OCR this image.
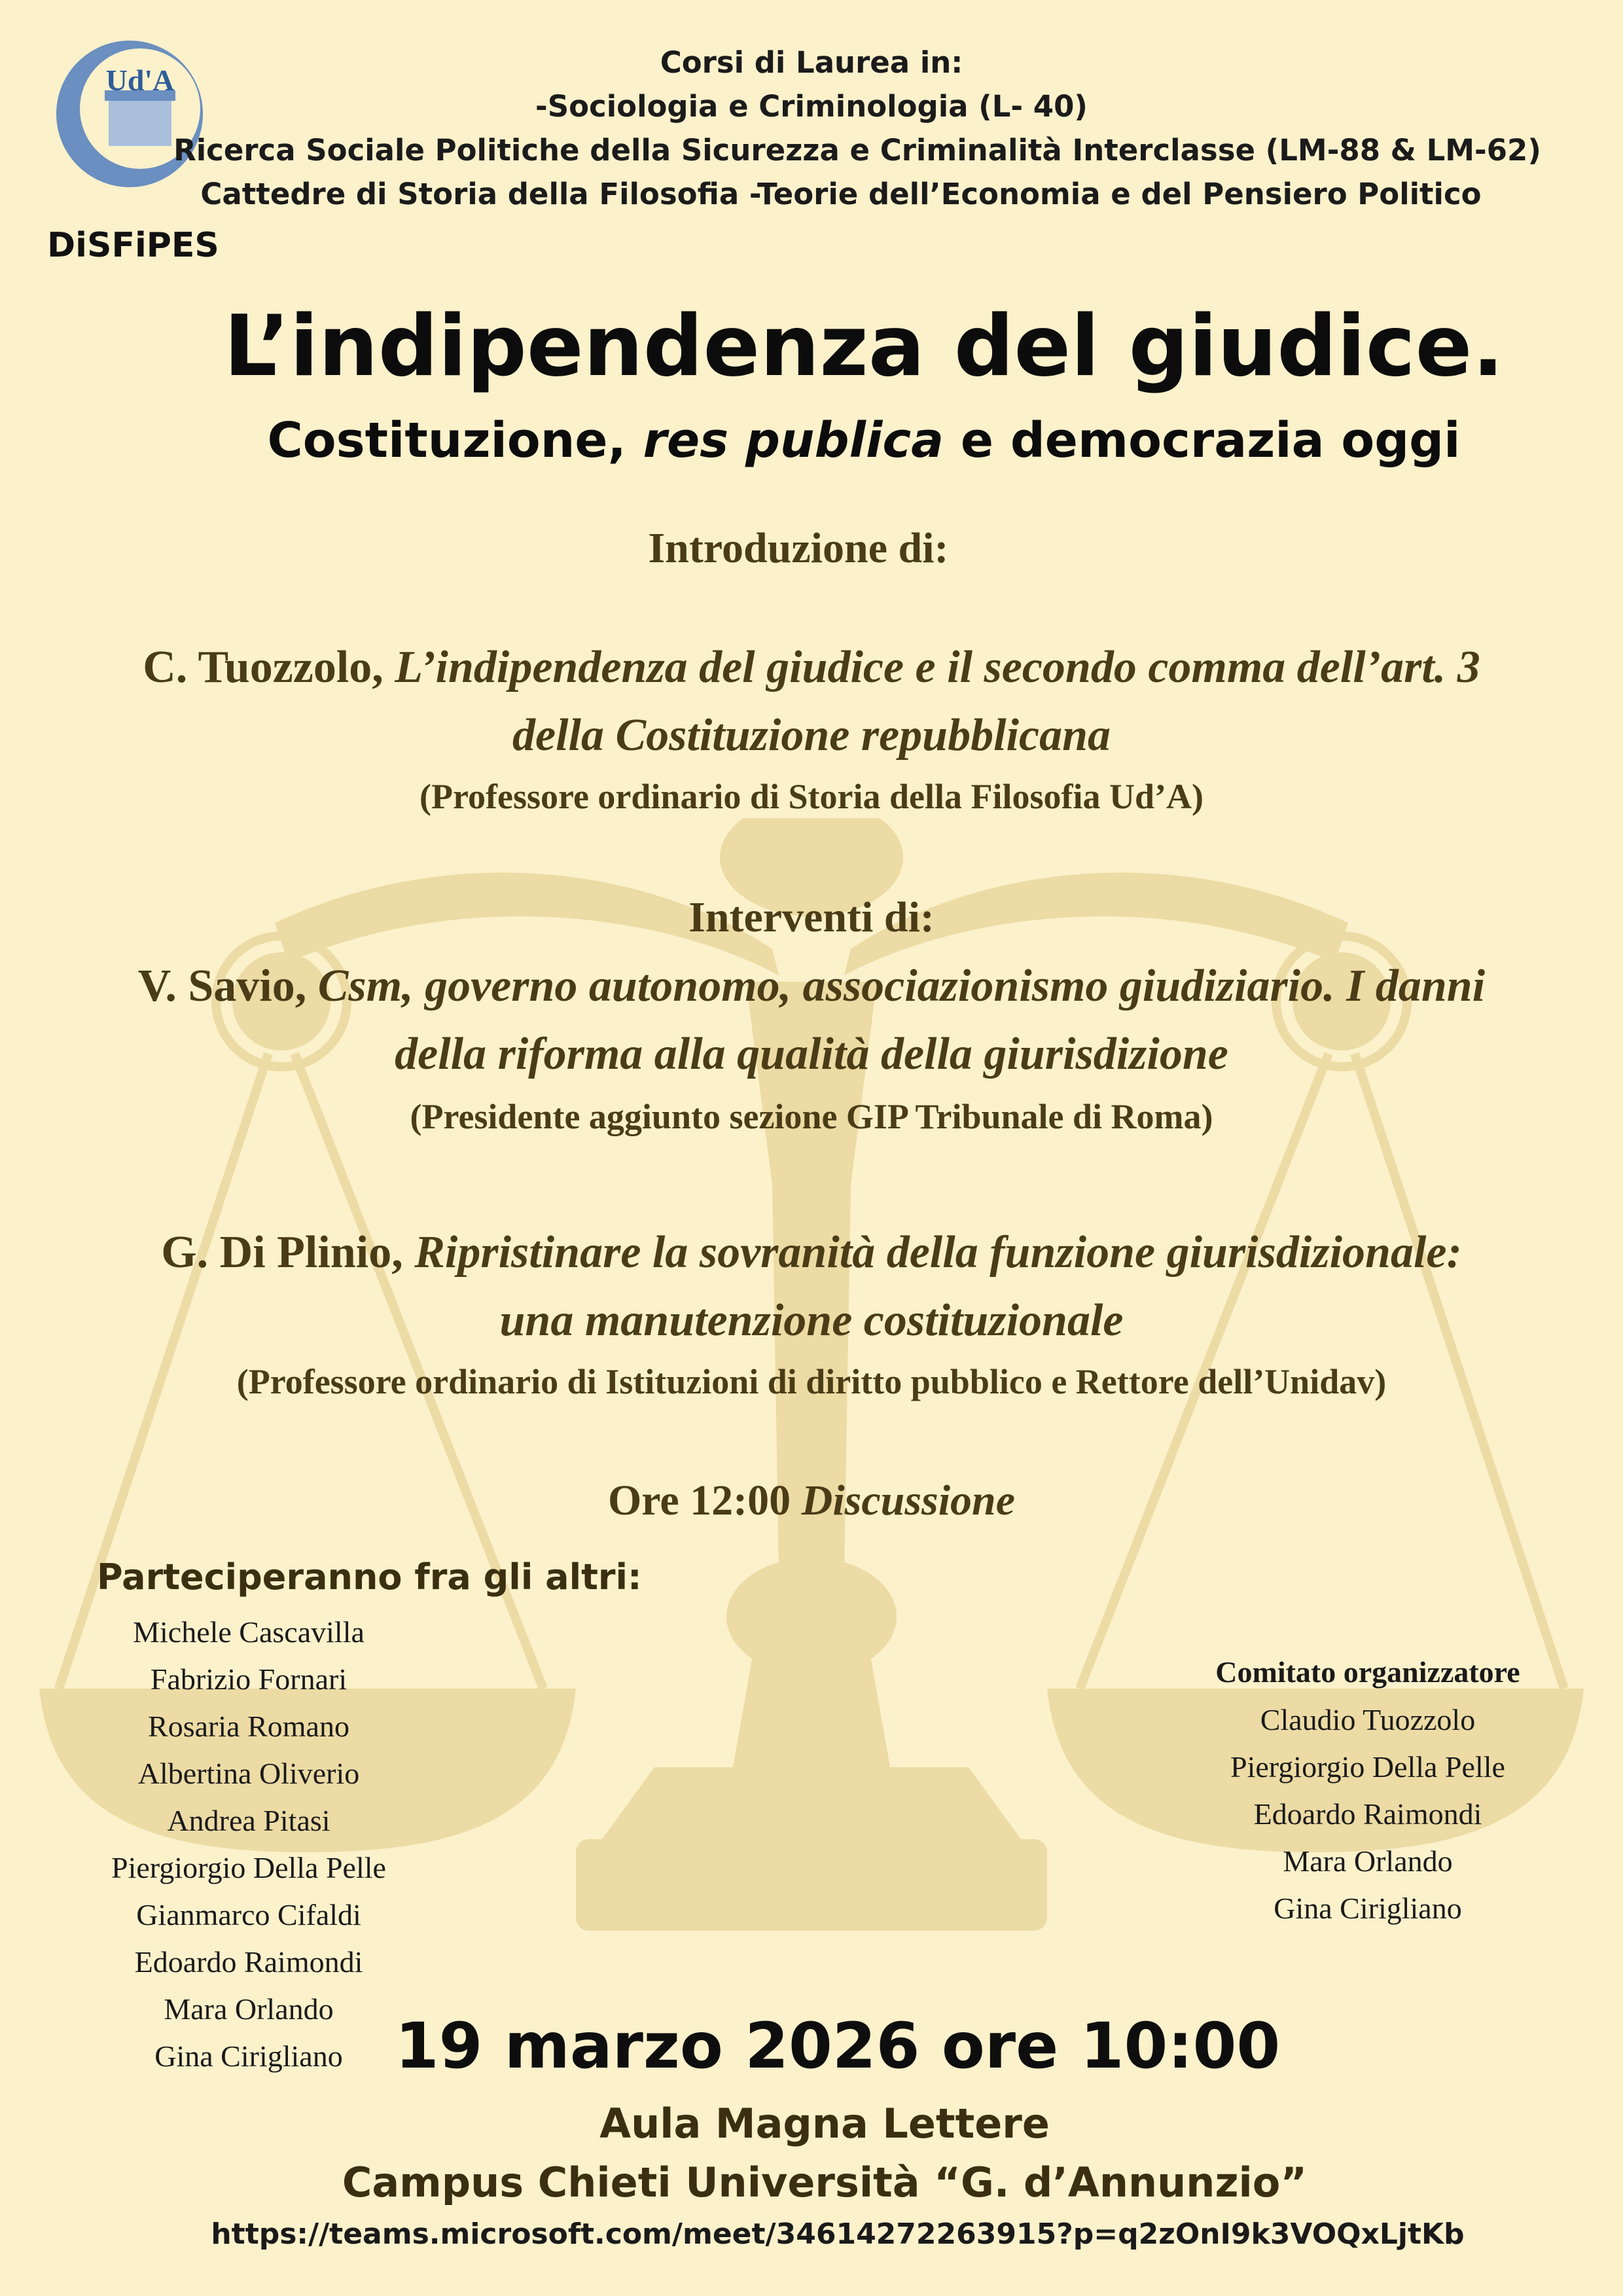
Ud'A
DiSFiPES
Corsi di Laurea in:
-Sociologia e Criminologia (L- 40)
Ricerca Sociale Politiche della Sicurezza e Criminalità Interclasse (LM-88 & LM-62)
Cattedre di Storia della Filosofia -Teorie dell’Economia e del Pensiero Politico
L’indipendenza del giudice.
Costituzione, res publica e democrazia oggi
Introduzione di:
C. Tuozzolo, L’indipendenza del giudice e il secondo comma dell’art. 3
della Costituzione repubblicana
(Professore ordinario di Storia della Filosofia Ud’A)
Interventi di:
V. Savio, Csm, governo autonomo, associazionismo giudiziario. I danni
della riforma alla qualità della giurisdizione
(Presidente aggiunto sezione GIP Tribunale di Roma)
G. Di Plinio, Ripristinare la sovranità della funzione giurisdizionale:
una manutenzione costituzionale
(Professore ordinario di Istituzioni di diritto pubblico e Rettore dell’Unidav)
Ore 12:00 Discussione
Parteciperanno fra gli altri:
Michele Cascavilla
Fabrizio Fornari
Rosaria Romano
Albertina Oliverio
Andrea Pitasi
Piergiorgio Della Pelle
Gianmarco Cifaldi
Edoardo Raimondi
Mara Orlando
Gina Cirigliano
Comitato organizzatore
Claudio Tuozzolo
Piergiorgio Della Pelle
Edoardo Raimondi
Mara Orlando
Gina Cirigliano
19 marzo 2026 ore 10:00
Aula Magna Lettere
Campus Chieti Università “G. d’Annunzio”
https://teams.microsoft.com/meet/34614272263915?p=q2zOnI9k3VOQxLjtKb
